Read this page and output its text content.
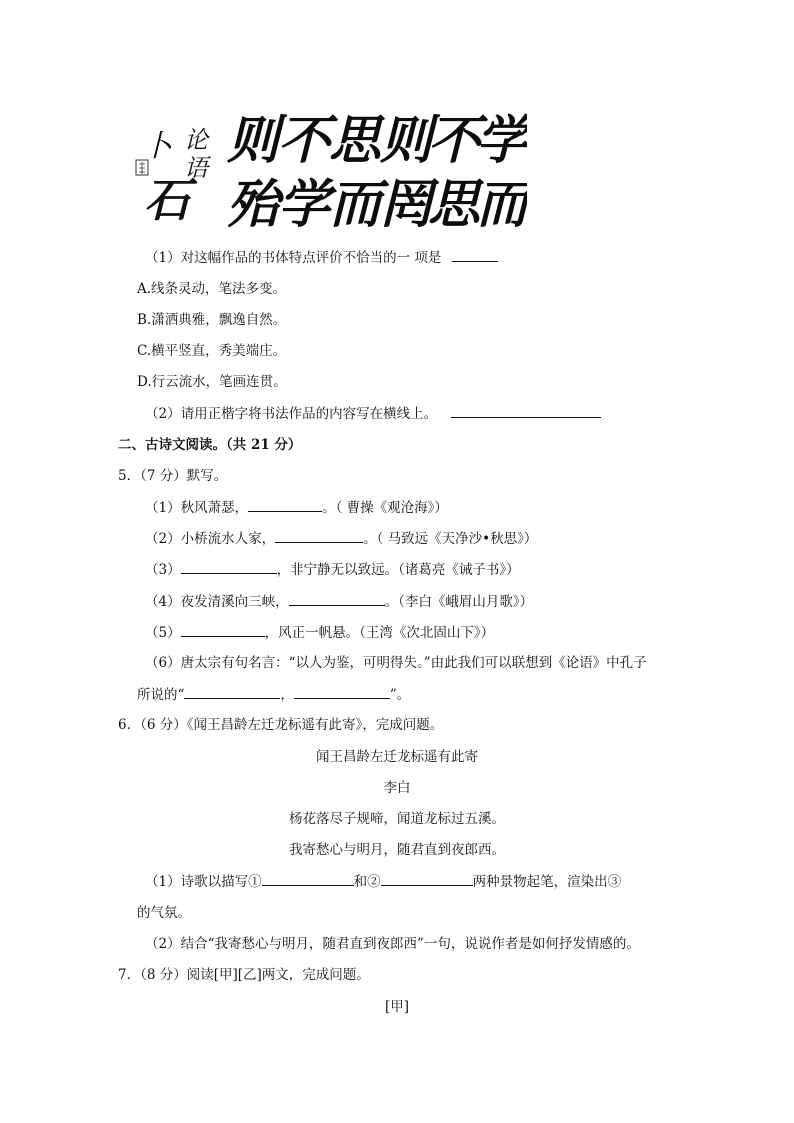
论
语
卜
石
则
不
思
则
不
学
殆
学
而
罔
思
而
（1）对这幅作品的书体特点评价不恰当的一 项是
A.线条灵动，笔法多变。
B.潇洒典雅，飘逸自然。
C.横平竖直，秀美端庄。
D.行云流水，笔画连贯。
（2）请用正楷字将书法作品的内容写在横线上。
二、古诗文阅读。（共 21 分）
5．（7 分）默写。
（1）秋风萧瑟，	。（ 曹操《观沧海》）
（2）小桥流水人家，	。（ 马致远《天净沙•秋思》）
（3）	，非宁静无以致远。（诸葛亮《诫子书》）
（4）夜发清溪向三峡，	。（李白《峨眉山月歌》）
（5）	，风正一帆悬。（王湾《次北固山下》）
（6）唐太宗有句名言：“以人为鉴，可明得失。”由此我们可以联想到《论语》中孔子
所说的“	，	”。
6．（6 分）《闻王昌龄左迁龙标遥有此寄》，完成问题。
闻王昌龄左迁龙标遥有此寄
李白
杨花落尽子规啼，闻道龙标过五溪。
我寄愁心与明月，随君直到夜郎西。
（1）诗歌以描写①	和②	两种景物起笔，渲染出③
的气氛。
（2）结合“我寄愁心与明月，随君直到夜郎西”一句，说说作者是如何抒发情感的。
7．（8 分）阅读[甲][乙]两文，完成问题。
[甲]
